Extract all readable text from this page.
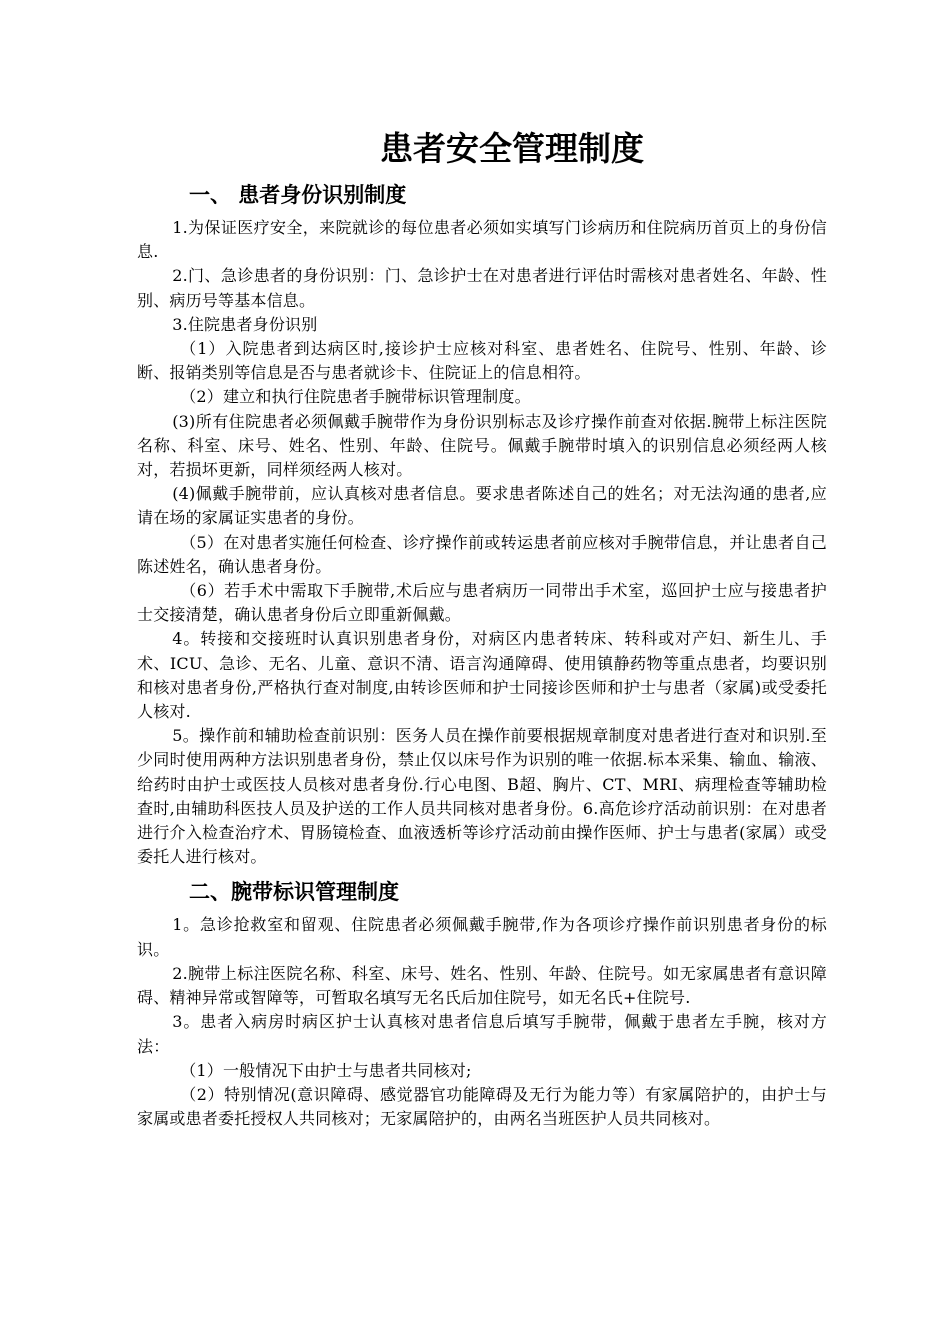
患者安全管理制度
一、 患者身份识别制度

1.为保证医疗安全，来院就诊的每位患者必须如实填写门诊病历和住院病历首页上的身份信息.

2.门、急诊患者的身份识别：门、急诊护士在对患者进行评估时需核对患者姓名、年龄、性别、病历号等基本信息。

3.住院患者身份识别

（1）入院患者到达病区时,接诊护士应核对科室、患者姓名、住院号、性别、年龄、诊断、报销类别等信息是否与患者就诊卡、住院证上的信息相符。

（2）建立和执行住院患者手腕带标识管理制度。

(3)所有住院患者必须佩戴手腕带作为身份识别标志及诊疗操作前查对依据.腕带上标注医院名称、科室、床号、姓名、性别、年龄、住院号。佩戴手腕带时填入的识别信息必须经两人核对，若损坏更新，同样须经两人核对。

(4)佩戴手腕带前，应认真核对患者信息。要求患者陈述自己的姓名；对无法沟通的患者,应请在场的家属证实患者的身份。

（5）在对患者实施任何检查、诊疗操作前或转运患者前应核对手腕带信息，并让患者自己陈述姓名，确认患者身份。

（6）若手术中需取下手腕带,术后应与患者病历一同带出手术室，巡回护士应与接患者护士交接清楚，确认患者身份后立即重新佩戴。

4。转接和交接班时认真识别患者身份，对病区内患者转床、转科或对产妇、新生儿、手术、ICU、急诊、无名、儿童、意识不清、语言沟通障碍、使用镇静药物等重点患者，均要识别和核对患者身份,严格执行查对制度,由转诊医师和护士同接诊医师和护士与患者（家属)或受委托人核对.

5。操作前和辅助检查前识别：医务人员在操作前要根据规章制度对患者进行查对和识别.至少同时使用两种方法识别患者身份，禁止仅以床号作为识别的唯一依据.标本采集、输血、输液、给药时由护士或医技人员核对患者身份.行心电图、B超、胸片、CT、MRI、病理检查等辅助检查时,由辅助科医技人员及护送的工作人员共同核对患者身份。6.高危诊疗活动前识别：在对患者进行介入检查治疗术、胃肠镜检查、血液透析等诊疗活动前由操作医师、护士与患者(家属）或受委托人进行核对。

二、腕带标识管理制度

1。急诊抢救室和留观、住院患者必须佩戴手腕带,作为各项诊疗操作前识别患者身份的标识。

2.腕带上标注医院名称、科室、床号、姓名、性别、年龄、住院号。如无家属患者有意识障碍、精神异常或智障等，可暂取名填写无名氏后加住院号，如无名氏+住院号.

3。患者入病房时病区护士认真核对患者信息后填写手腕带，佩戴于患者左手腕，核对方法：

（1）一般情况下由护士与患者共同核对;

（2）特别情况(意识障碍、感觉器官功能障碍及无行为能力等）有家属陪护的，由护士与家属或患者委托授权人共同核对；无家属陪护的，由两名当班医护人员共同核对。
